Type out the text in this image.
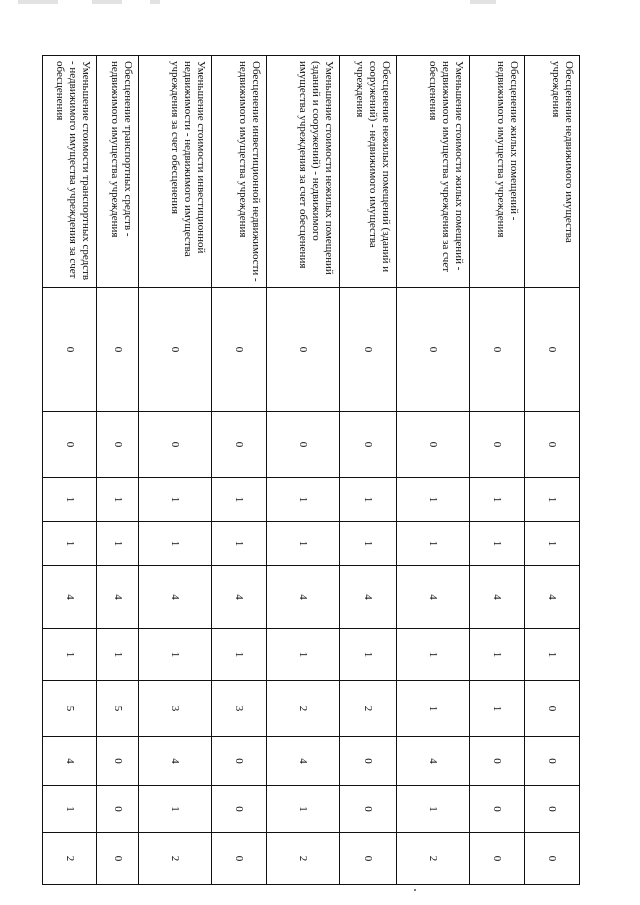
Обесценение недвижимого имущества учреждения	0	0	1	1	4	1	0	0	0	0
Обесценение жилых помещений - недвижимого имущества учреждения	0	0	1	1	4	1	1	0	0	0
Уменьшение стоимости жилых помещений - недвижимого имущества учреждения за счет обесценения	0	0	1	1	4	1	1	4	1	2
Обесценение нежилых помещений (зданий и сооружений) - недвижимого имущества учреждения	0	0	1	1	4	1	2	0	0	0
Уменьшение стоимости нежилых помещений (зданий и сооружений) - недвижимого имущества учреждения за счет обесценения	0	0	1	1	4	1	2	4	1	2
Обесценение инвестиционной недвижимости - недвижимого имущества учреждения	0	0	1	1	4	1	3	0	0	0
Уменьшение стоимости инвестиционной недвижимости - недвижимого имущества учреждения за счет обесценения	0	0	1	1	4	1	3	4	1	2
Обесценение транспортных средств - недвижимого имущества учреждения	0	0	1	1	4	1	5	0	0	0
Уменьшение стоимости транспортных средств - недвижимого имущества учреждения за счет обесценения	0	0	1	1	4	1	5	4	1	2
